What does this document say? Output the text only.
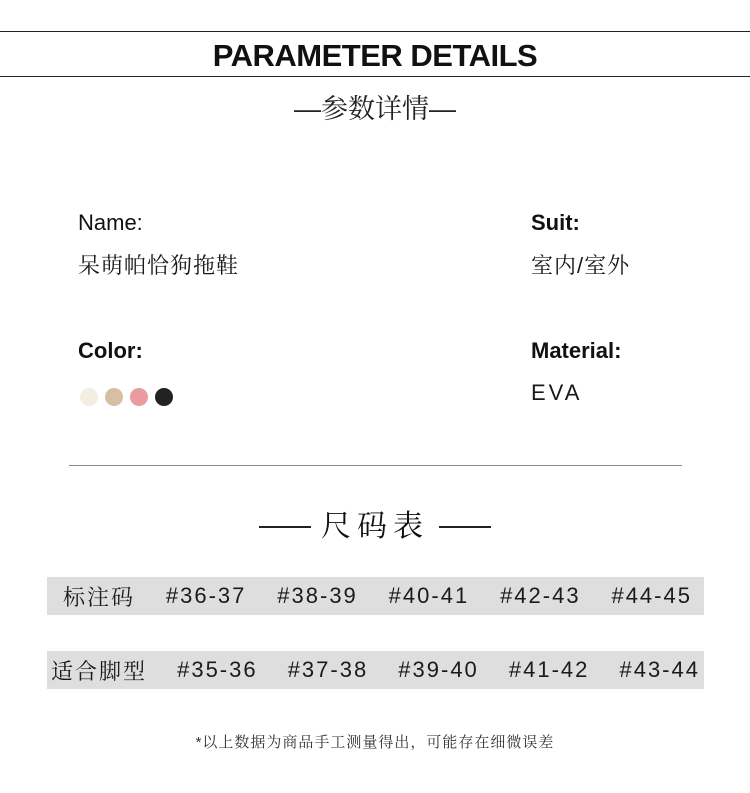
PARAMETER DETAILS
—参数详情—
Name:
呆萌帕恰狗拖鞋
Suit:
室内/室外
Color:	Material:
EVA
尺码表
标注码 #36-37 #38-39 #40-41 #42-43 #44-45
适合脚型 #35-36 #37-38 #39-40 #41-42 #43-44
*以上数据为商品手工测量得出，可能存在细微误差
